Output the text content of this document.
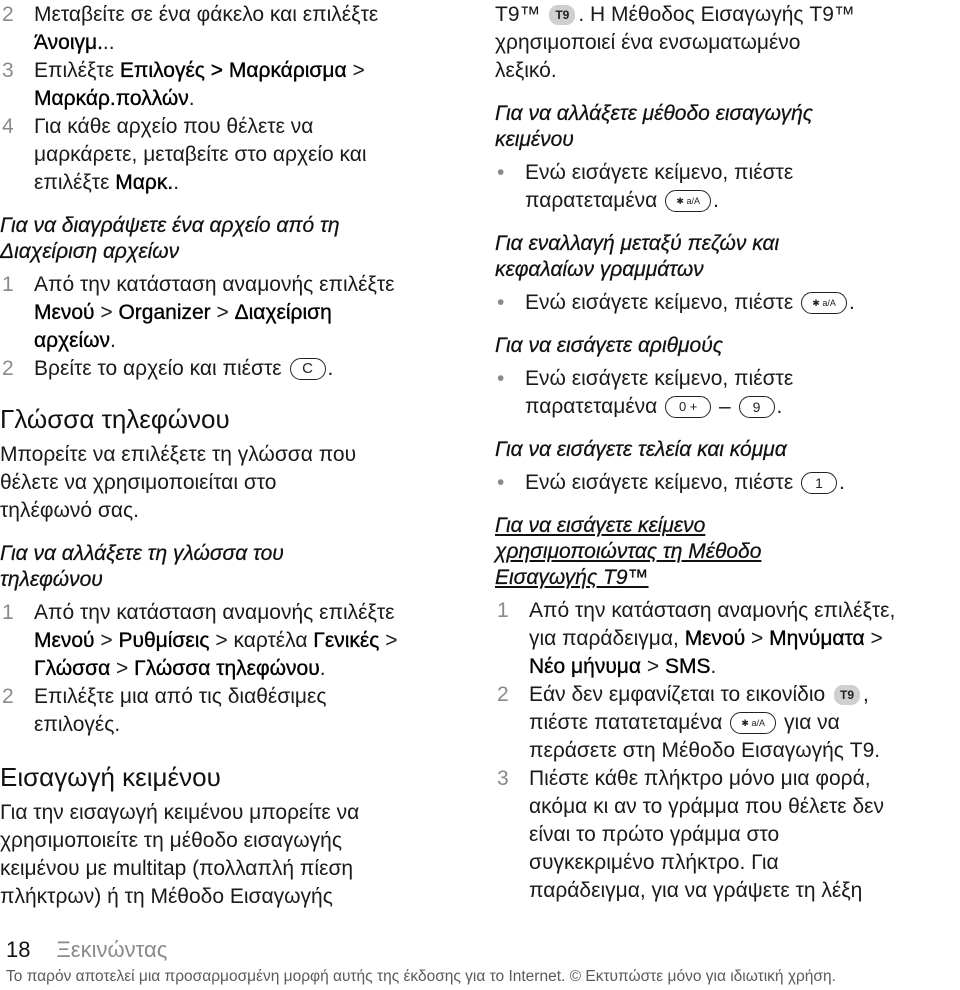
2 Μεταβείτε σε ένα φάκελο και επιλέξτε
Άνοιγμ...
3 Επιλέξτε Επιλογές > Μαρκάρισμα >
Μαρκάρ.πολλών.
4 Για κάθε αρχείο που θέλετε να
μαρκάρετε, μεταβείτε στο αρχείο και
επιλέξτε Μαρκ..
Για να διαγράψετε ένα αρχείο από τη
Διαχείριση αρχείων
1 Από την κατάσταση αναμονής επιλέξτε
Μενού > Organizer > Διαχείριση
αρχείων.
2 Βρείτε το αρχείο και πιέστε C .
Γλώσσα τηλεφώνου
Μπορείτε να επιλέξετε τη γλώσσα που
θέλετε να χρησιμοποιείται στο
τηλέφωνό σας.
Για να αλλάξετε τη γλώσσα του
τηλεφώνου
1 Από την κατάσταση αναμονής επιλέξτε
Μενού > Ρυθμίσεις > καρτέλα Γενικές >
Γλώσσα > Γλώσσα τηλεφώνου.
2 Επιλέξτε μια από τις διαθέσιμες
επιλογές.
Εισαγωγή κειμένου
Για την εισαγωγή κειμένου μπορείτε να
χρησιμοποιείτε τη μέθοδο εισαγωγής
κειμένου με multitap (πολλαπλή πίεση
πλήκτρων) ή τη Μέθοδο Εισαγωγής
T9™ T9 . Η Μέθοδος Εισαγωγής T9™
χρησιμοποιεί ένα ενσωματωμένο
λεξικό.
Για να αλλάξετε μέθοδο εισαγωγής
κειμένου
• Ενώ εισάγετε κείμενο, πιέστε
παρατεταμένα ✱ a/A .
Για εναλλαγή μεταξύ πεζών και
κεφαλαίων γραμμάτων
• Ενώ εισάγετε κείμενο, πιέστε ✱ a/A .
Για να εισάγετε αριθμούς
• Ενώ εισάγετε κείμενο, πιέστε
παρατεταμένα 0 + – 9 .
Για να εισάγετε τελεία και κόμμα
• Ενώ εισάγετε κείμενο, πιέστε 1 .
Για να εισάγετε κείμενο
χρησιμοποιώντας τη Μέθοδο
Εισαγωγής T9™
1 Από την κατάσταση αναμονής επιλέξτε,
για παράδειγμα, Μενού > Μηνύματα >
Νέο μήνυμα > SMS.
2 Εάν δεν εμφανίζεται το εικονίδιο T9 ,
πιέστε πατατεταμένα ✱ a/A για να
περάσετε στη Μέθοδο Εισαγωγής T9.
3 Πιέστε κάθε πλήκτρο μόνο μια φορά,
ακόμα κι αν το γράμμα που θέλετε δεν
είναι το πρώτο γράμμα στο
συγκεκριμένο πλήκτρο. Για
παράδειγμα, για να γράψετε τη λέξη
18 Ξεκινώντας
Το παρόν αποτελεί μια προσαρμοσμένη μορφή αυτής της έκδοσης για το Internet. © Εκτυπώστε μόνο για ιδιωτική χρήση.
